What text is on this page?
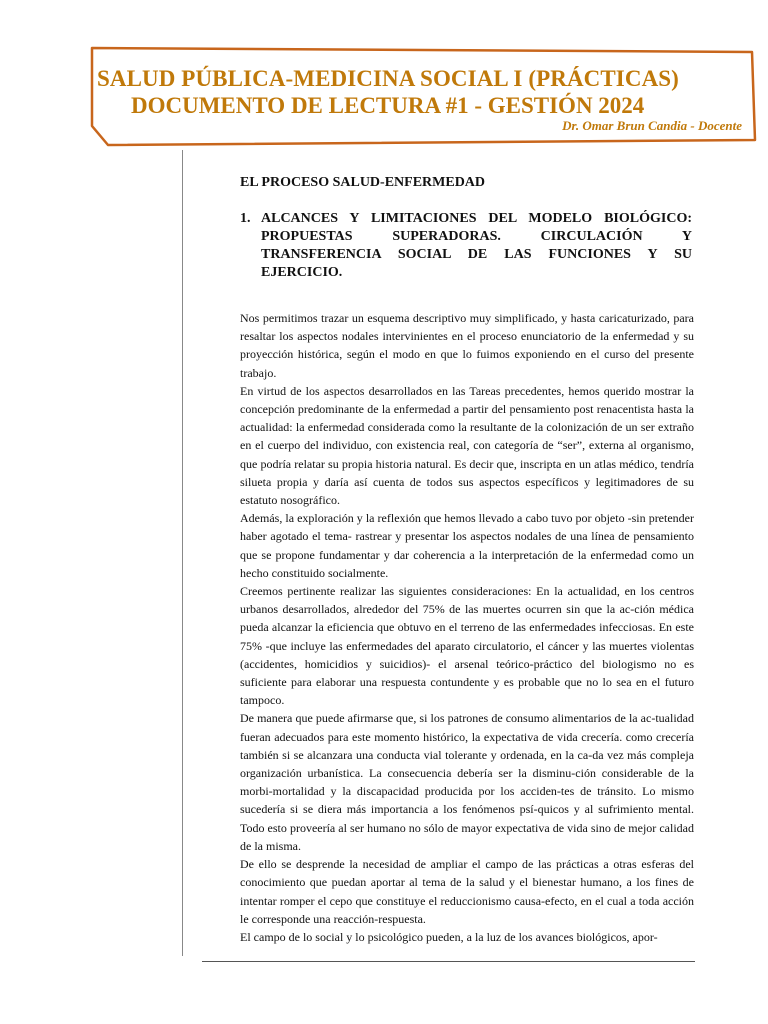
SALUD PÚBLICA-MEDICINA SOCIAL I (PRÁCTICAS)
DOCUMENTO DE LECTURA #1 - GESTIÓN 2024
Dr. Omar Brun Candia - Docente
EL PROCESO SALUD-ENFERMEDAD
1. ALCANCES Y LIMITACIONES DEL MODELO BIOLÓGICO: PROPUESTAS SUPERADORAS. CIRCULACIÓN Y TRANSFERENCIA SOCIAL DE LAS FUNCIONES Y SU EJERCICIO.

Nos permitimos trazar un esquema descriptivo muy simplificado, y hasta caricaturizado, para resaltar los aspectos nodales intervinientes en el proceso enunciatorio de la enfermedad y su proyección histórica, según el modo en que lo fuimos exponiendo en el curso del presente trabajo.

En virtud de los aspectos desarrollados en las Tareas precedentes, hemos querido mostrar la concepción predominante de la enfermedad a partir del pensamiento post renacentista hasta la actualidad: la enfermedad considerada como la resultante de la colonización de un ser extraño en el cuerpo del individuo, con existencia real, con categoría de “ser”, externa al organismo, que podría relatar su propia historia natural. Es decir que, inscripta en un atlas médico, tendría silueta propia y daría así cuenta de todos sus aspectos específicos y legitimadores de su estatuto nosográfico.

Además, la exploración y la reflexión que hemos llevado a cabo tuvo por objeto -sin pretender haber agotado el tema- rastrear y presentar los aspectos nodales de una línea de pensamiento que se propone fundamentar y dar coherencia a la interpretación de la enfermedad como un hecho constituido socialmente.

Creemos pertinente realizar las siguientes consideraciones: En la actualidad, en los centros urbanos desarrollados, alrededor del 75% de las muertes ocurren sin que la ac-ción médica pueda alcanzar la eficiencia que obtuvo en el terreno de las enfermedades infecciosas. En este 75% -que incluye las enfermedades del aparato circulatorio, el cáncer y las muertes violentas (accidentes, homicidios y suicidios)- el arsenal teórico-práctico del biologismo no es suficiente para elaborar una respuesta contundente y es probable que no lo sea en el futuro tampoco.

De manera que puede afirmarse que, si los patrones de consumo alimentarios de la ac-tualidad fueran adecuados para este momento histórico, la expectativa de vida crecería. como crecería también si se alcanzara una conducta vial tolerante y ordenada, en la ca-da vez más compleja organización urbanística. La consecuencia debería ser la disminu-ción considerable de la morbi-mortalidad y la discapacidad producida por los acciden-tes de tránsito. Lo mismo sucedería si se diera más importancia a los fenómenos psí-quicos y al sufrimiento mental. Todo esto proveería al ser humano no sólo de mayor expectativa de vida sino de mejor calidad de la misma.

De ello se desprende la necesidad de ampliar el campo de las prácticas a otras esferas del conocimiento que puedan aportar al tema de la salud y el bienestar humano, a los fines de intentar romper el cepo que constituye el reduccionismo causa-efecto, en el cual a toda acción le corresponde una reacción-respuesta.

El campo de lo social y lo psicológico pueden, a la luz de los avances biológicos, apor-
